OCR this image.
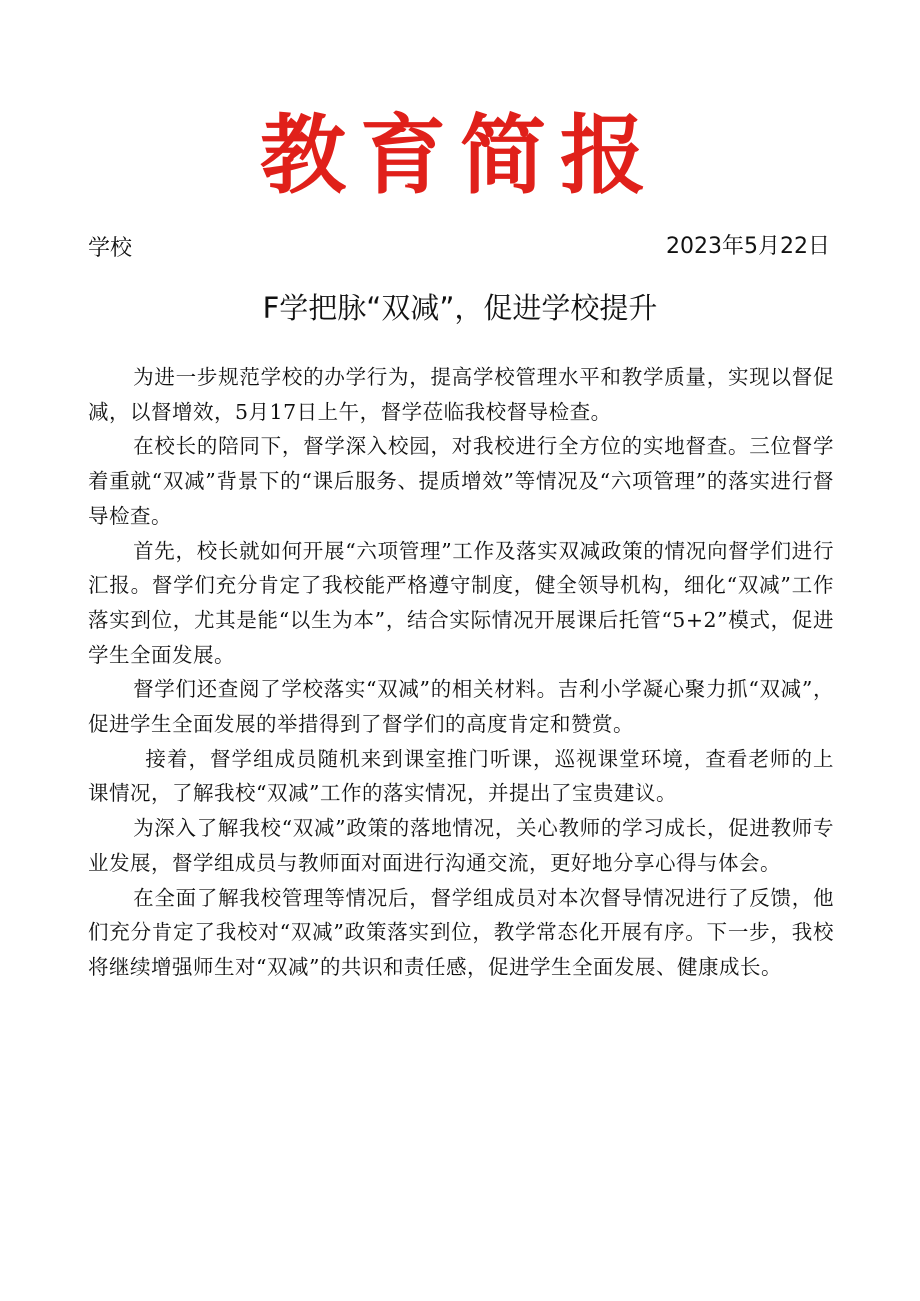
教育简报
学校	2023年5月22日
F学把脉“双减”，促进学校提升

为进一步规范学校的办学行为，提高学校管理水平和教学质量，实现以督促减，以督增效，5月17日上午，督学莅临我校督导检查。

在校长的陪同下，督学深入校园，对我校进行全方位的实地督查。三位督学着重就“双减”背景下的“课后服务、提质增效”等情况及“六项管理”的落实进行督导检查。

首先，校长就如何开展“六项管理”工作及落实双减政策的情况向督学们进行汇报。督学们充分肯定了我校能严格遵守制度，健全领导机构，细化“双减”工作落实到位，尤其是能“以生为本”，结合实际情况开展课后托管“5+2”模式，促进学生全面发展。

督学们还查阅了学校落实“双减”的相关材料。吉利小学凝心聚力抓“双减”，促进学生全面发展的举措得到了督学们的高度肯定和赞赏。

接着，督学组成员随机来到课室推门听课，巡视课堂环境，查看老师的上课情况，了解我校“双减”工作的落实情况，并提出了宝贵建议。

为深入了解我校“双减”政策的落地情况，关心教师的学习成长，促进教师专业发展，督学组成员与教师面对面进行沟通交流，更好地分享心得与体会。

在全面了解我校管理等情况后，督学组成员对本次督导情况进行了反馈，他们充分肯定了我校对“双减”政策落实到位，教学常态化开展有序。下一步，我校将继续增强师生对“双减”的共识和责任感，促进学生全面发展、健康成长。
